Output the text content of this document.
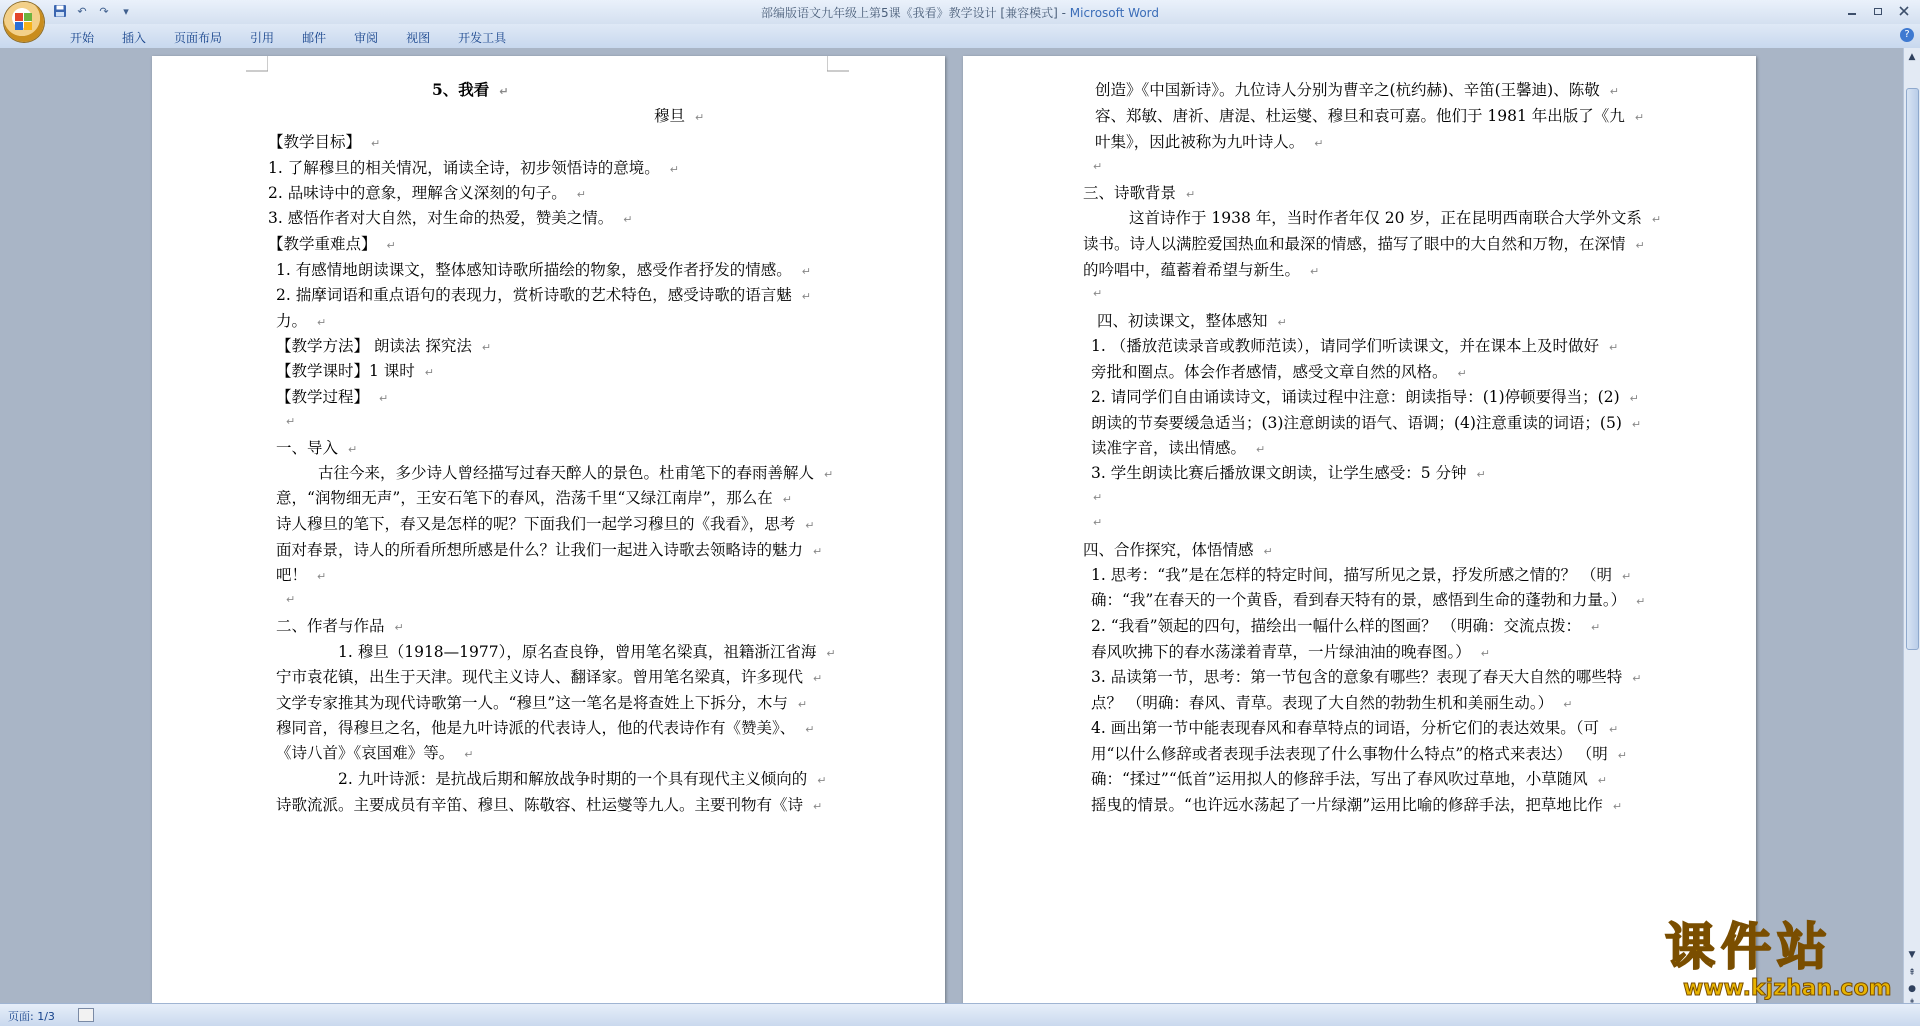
↶	↷	▾	部编版语文九年级上第5课《我看》教学设计 [兼容模式] - Microsoft Word
开始	插入	页面布局	引用	邮件	审阅	视图	开发工具	?
5、我看 ↵
穆旦 ↵
【教学目标】 ↵
1. 了解穆旦的相关情况，诵读全诗，初步领悟诗的意境。 ↵
2. 品味诗中的意象，理解含义深刻的句子。 ↵
3. 感悟作者对大自然，对生命的热爱，赞美之情。 ↵
【教学重难点】 ↵
1. 有感情地朗读课文，整体感知诗歌所描绘的物象，感受作者抒发的情感。 ↵
2. 揣摩词语和重点语句的表现力，赏析诗歌的艺术特色，感受诗歌的语言魅 ↵
力。 ↵
【教学方法】 朗读法 探究法 ↵
【教学课时】1 课时 ↵
【教学过程】 ↵
↵
一、导入 ↵
古往今来，多少诗人曾经描写过春天醉人的景色。杜甫笔下的春雨善解人 ↵
意，“润物细无声”，王安石笔下的春风，浩荡千里“又绿江南岸”，那么在 ↵
诗人穆旦的笔下，春又是怎样的呢？下面我们一起学习穆旦的《我看》，思考 ↵
面对春景，诗人的所看所想所感是什么？让我们一起进入诗歌去领略诗的魅力 ↵
吧！ ↵
↵
二、作者与作品 ↵
1. 穆旦（1918—1977），原名查良铮，曾用笔名梁真，祖籍浙江省海 ↵
宁市袁花镇，出生于天津。现代主义诗人、翻译家。曾用笔名梁真，许多现代 ↵
文学专家推其为现代诗歌第一人。“穆旦”这一笔名是将查姓上下拆分，木与 ↵
穆同音，得穆旦之名，他是九叶诗派的代表诗人，他的代表诗作有《赞美》、 ↵
《诗八首》《哀国难》等。 ↵
2. 九叶诗派：是抗战后期和解放战争时期的一个具有现代主义倾向的 ↵
诗歌流派。主要成员有辛笛、穆旦、陈敬容、杜运燮等九人。主要刊物有《诗 ↵
创造》《中国新诗》。九位诗人分别为曹辛之(杭约赫)、辛笛(王馨迪)、陈敬 ↵
容、郑敏、唐祈、唐湜、杜运燮、穆旦和袁可嘉。他们于 1981 年出版了《九 ↵
叶集》，因此被称为九叶诗人。 ↵
↵
三、诗歌背景 ↵
这首诗作于 1938 年，当时作者年仅 20 岁，正在昆明西南联合大学外文系 ↵
读书。诗人以满腔爱国热血和最深的情感，描写了眼中的大自然和万物，在深情 ↵
的吟唱中，蕴蓄着希望与新生。 ↵
↵
四、初读课文，整体感知 ↵
1. （播放范读录音或教师范读），请同学们听读课文，并在课本上及时做好 ↵
旁批和圈点。体会作者感情，感受文章自然的风格。 ↵
2. 请同学们自由诵读诗文，诵读过程中注意：朗读指导：(1)停顿要得当；(2) ↵
朗读的节奏要缓急适当；(3)注意朗读的语气、语调；(4)注意重读的词语；(5) ↵
读准字音，读出情感。 ↵
3. 学生朗读比赛后播放课文朗读，让学生感受：5 分钟 ↵
↵
↵
四、合作探究，体悟情感 ↵
1. 思考：“我”是在怎样的特定时间，描写所见之景，抒发所感之情的？ （明 ↵
确：“我”在春天的一个黄昏，看到春天特有的景，感悟到生命的蓬勃和力量。） ↵
2. “我看”领起的四句，描绘出一幅什么样的图画？ （明确：交流点拨： ↵
春风吹拂下的春水荡漾着青草，一片绿油油的晚春图。） ↵
3. 品读第一节，思考：第一节包含的意象有哪些？表现了春天大自然的哪些特 ↵
点？ （明确：春风、青草。表现了大自然的勃勃生机和美丽生动。） ↵
4. 画出第一节中能表现春风和春草特点的词语，分析它们的表达效果。（可 ↵
用“以什么修辞或者表现手法表现了什么事物什么特点”的格式来表达） （明 ↵
确：“揉过”“低首”运用拟人的修辞手法，写出了春风吹过草地，小草随风 ↵
摇曳的情景。“也许远水荡起了一片绿潮”运用比喻的修辞手法，把草地比作 ↵
▲
▼
⇞
●
页面: 1/3
课件站
www.kjzhan.com
